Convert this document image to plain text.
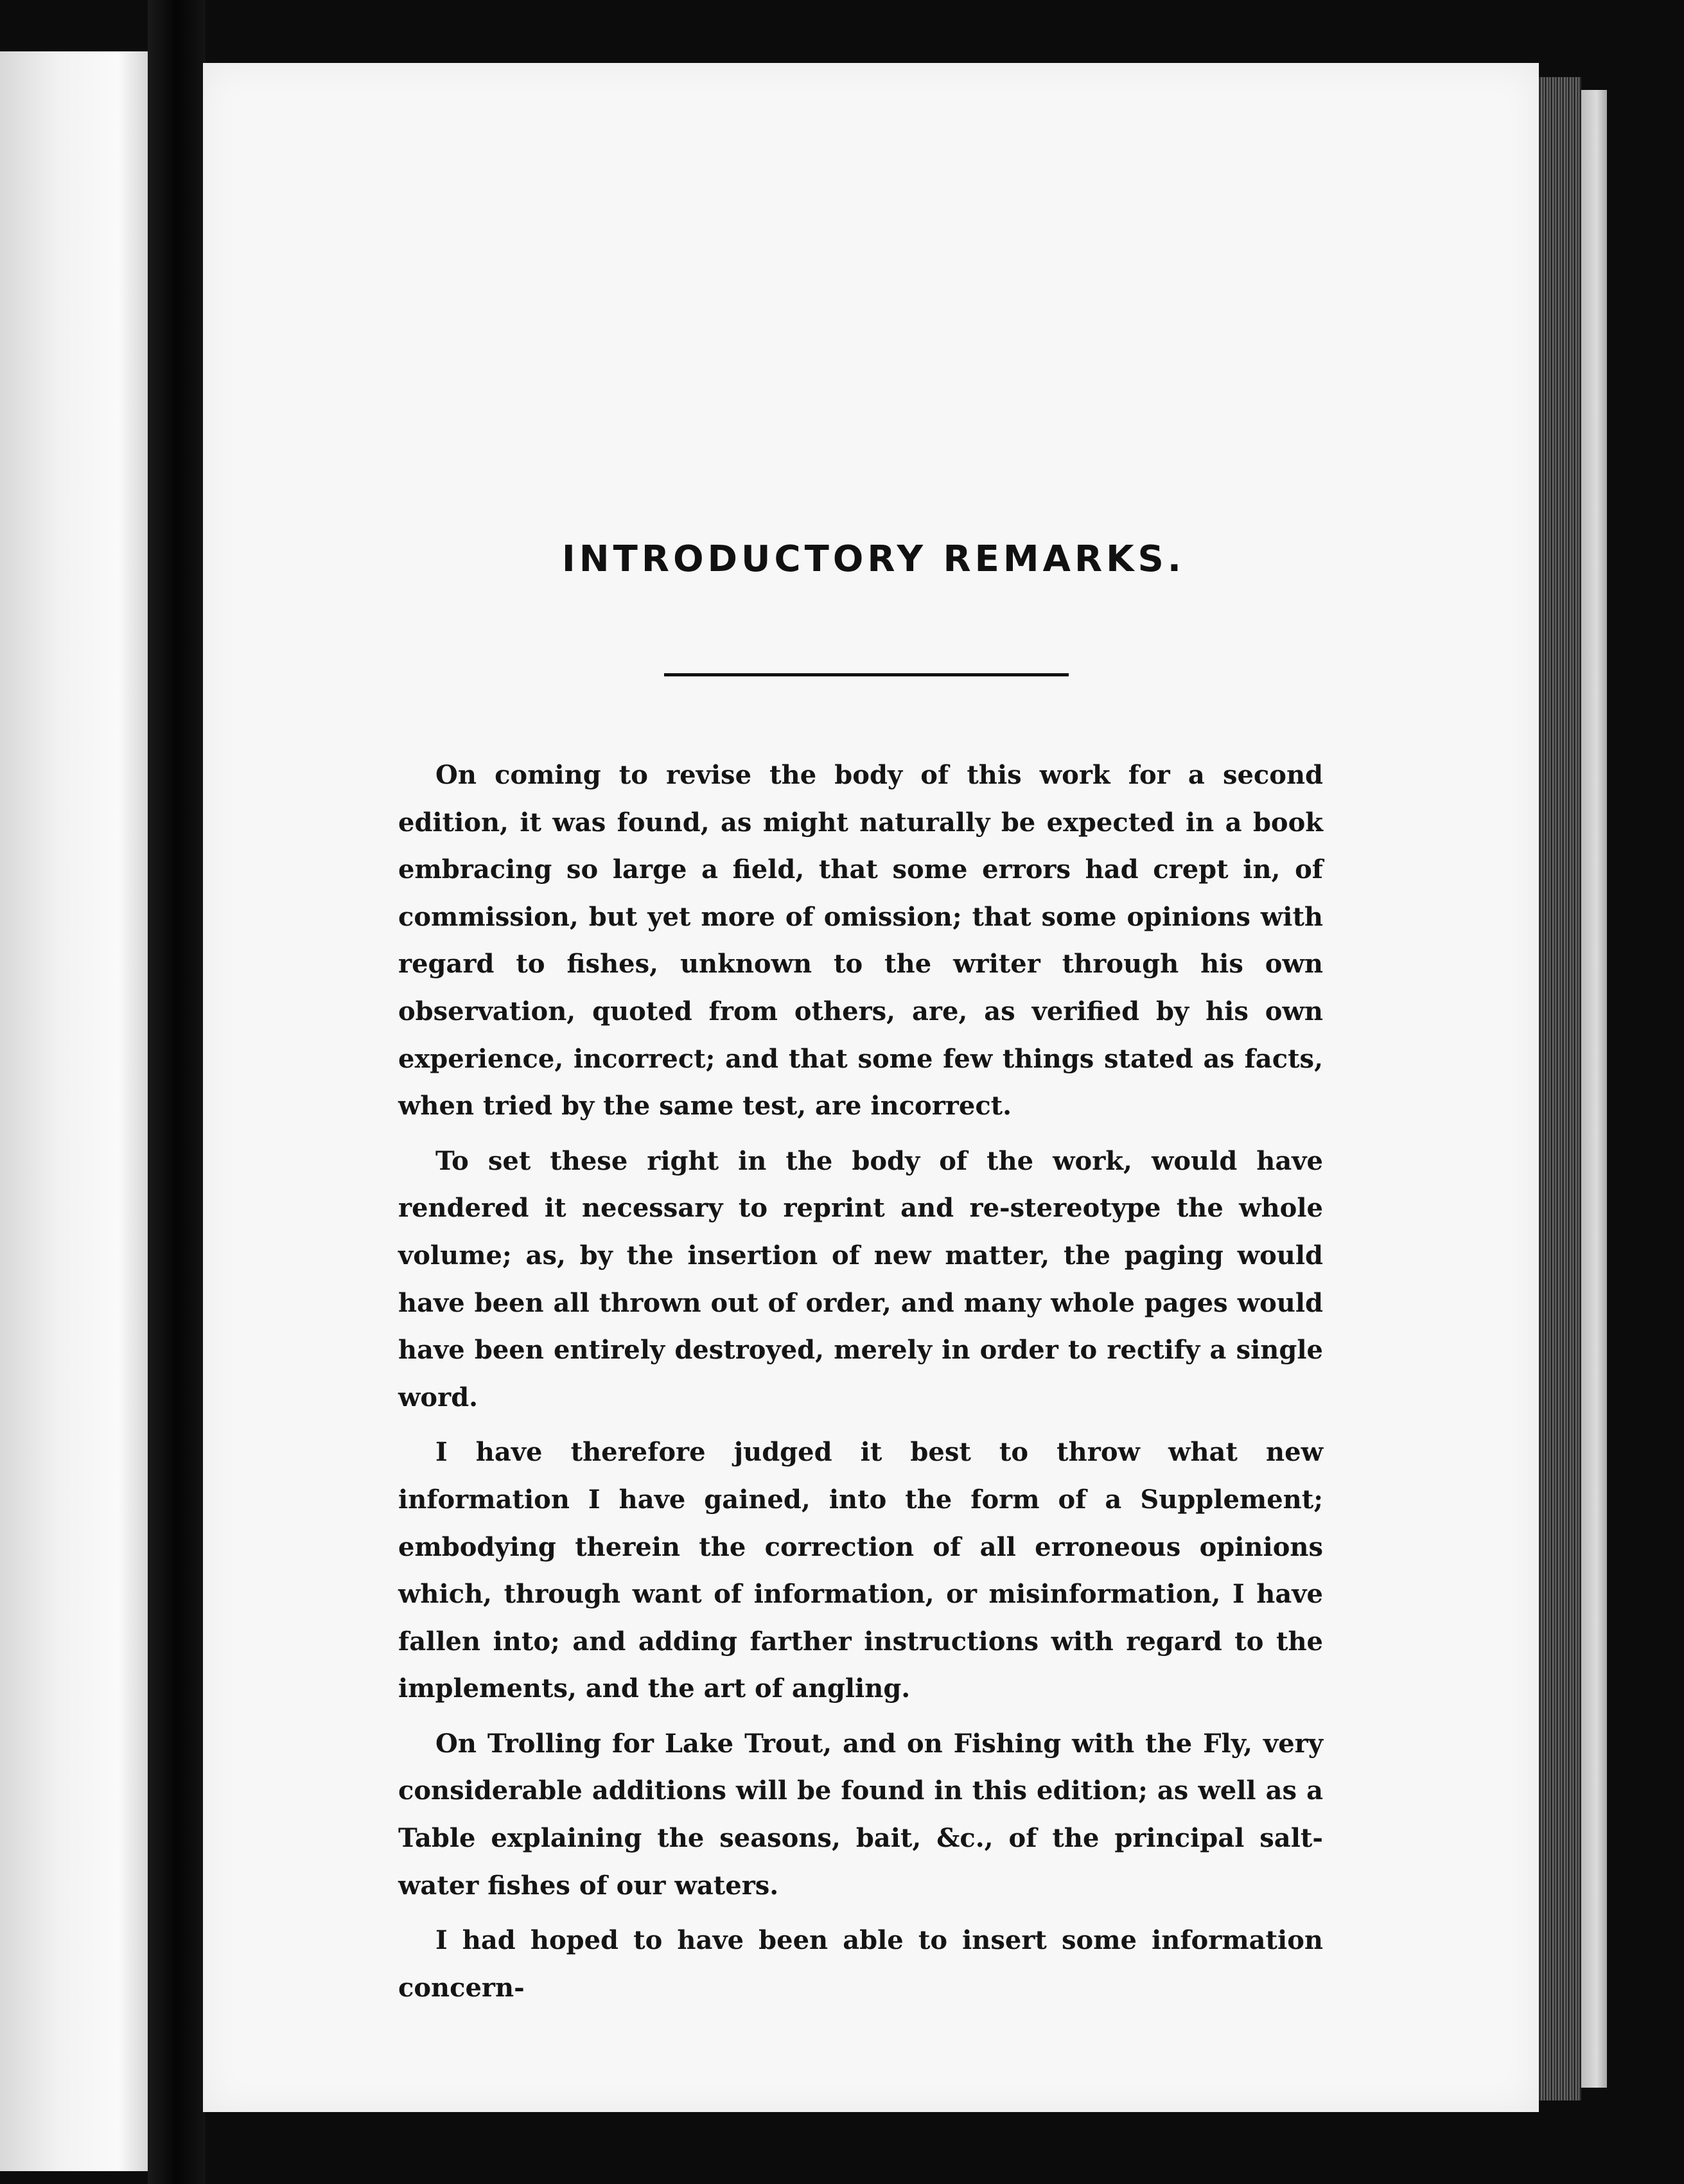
INTRODUCTORY REMARKS.

On coming to revise the body of this work for a second edition, it was found, as might naturally be expected in a book embracing so large a field, that some errors had crept in, of commission, but yet more of omission; that some opinions with regard to fishes, unknown to the writer through his own observation, quoted from others, are, as verified by his own experience, incorrect; and that some few things stated as facts, when tried by the same test, are incorrect.

To set these right in the body of the work, would have rendered it necessary to reprint and re-stereotype the whole volume; as, by the insertion of new matter, the paging would have been all thrown out of order, and many whole pages would have been entirely destroyed, merely in order to rectify a single word.

I have therefore judged it best to throw what new information I have gained, into the form of a Supplement; embodying therein the correction of all erroneous opinions which, through want of information, or misinformation, I have fallen into; and adding farther instructions with regard to the implements, and the art of angling.

On Trolling for Lake Trout, and on Fishing with the Fly, very considerable additions will be found in this edition; as well as a Table explaining the seasons, bait, &c., of the principal salt-water fishes of our waters.

I had hoped to have been able to insert some information concern-
